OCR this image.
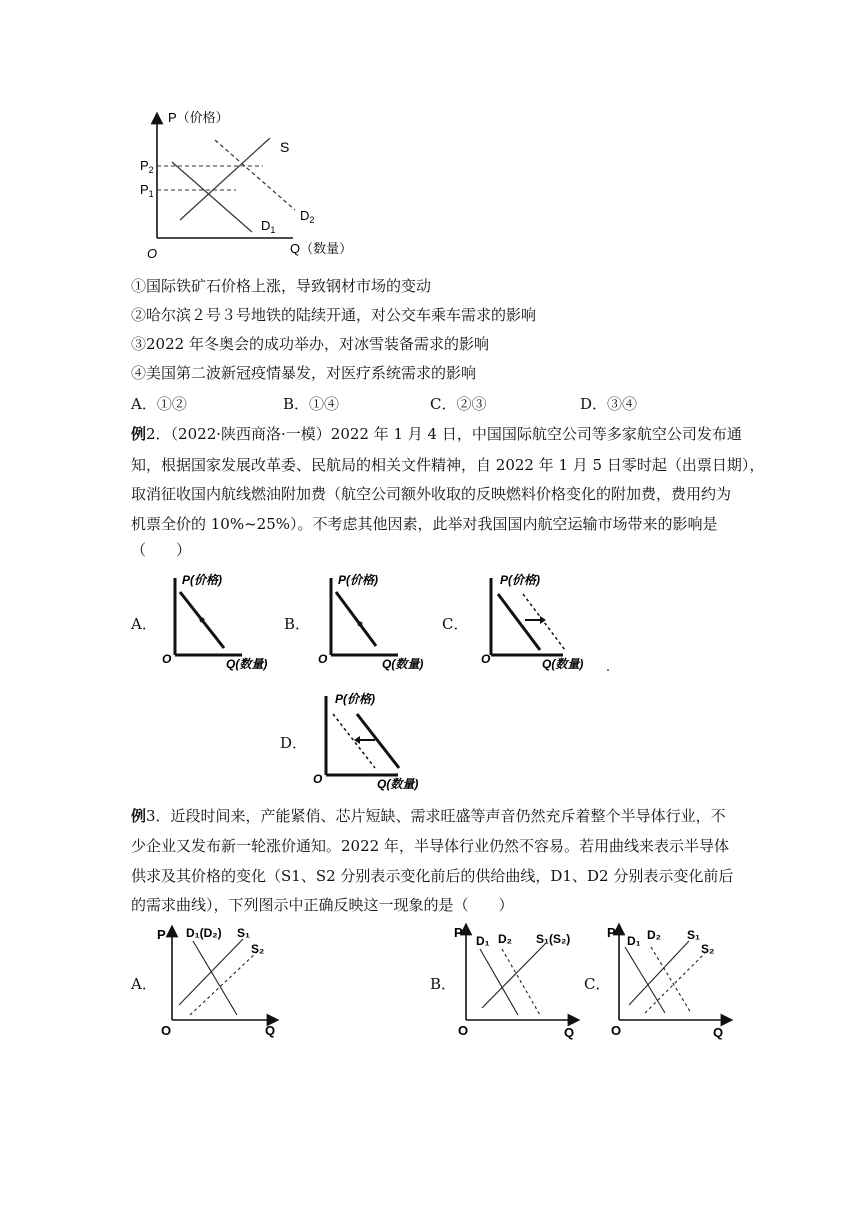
P（价格）
Q（数量）
O
$P_2$
$P_1$
S
$D_1$
$D_2$
①国际铁矿石价格上涨，导致钢材市场的变动
②哈尔滨２号３号地铁的陆续开通，对公交车乘车需求的影响
③2022 年冬奥会的成功举办，对冰雪装备需求的影响
④美国第二波新冠疫情暴发，对医疗系统需求的影响
A．①②	B．①④	C．②③	D．③④
例2．（2022·陕西商洛·一模）2022 年 1 月 4 日，中国国际航空公司等多家航空公司发布通
知，根据国家发展改革委、民航局的相关文件精神，自 2022 年 1 月 5 日零时起（出票日期），
取消征收国内航线燃油附加费（航空公司额外收取的反映燃料价格变化的附加费，费用约为
机票全价的 10%~25%）。不考虑其他因素，此举对我国国内航空运输市场带来的影响是
（　　）
A．	B．	C．
D．
P(价格)
Q(数量)
O
P(价格)
Q(数量)
O
P(价格)
Q(数量)
O
P(价格)
Q(数量)
O
例3．近段时间来，产能紧俏、芯片短缺、需求旺盛等声音仍然充斥着整个半导体行业，不
少企业又发布新一轮涨价通知。2022 年，半导体行业仍然不容易。若用曲线来表示半导体
供求及其价格的变化（S1、S2 分别表示变化前后的供给曲线，D1、D2 分别表示变化前后
的需求曲线），下列图示中正确反映这一现象的是（　　）
A．	B．	C．
P
Q
O
D₁(D₂) S₁
S₂
P
Q
O
D₁ D₂ S₁(S₂)	P
Q
O
D₁ D₂ S₁
S₂
